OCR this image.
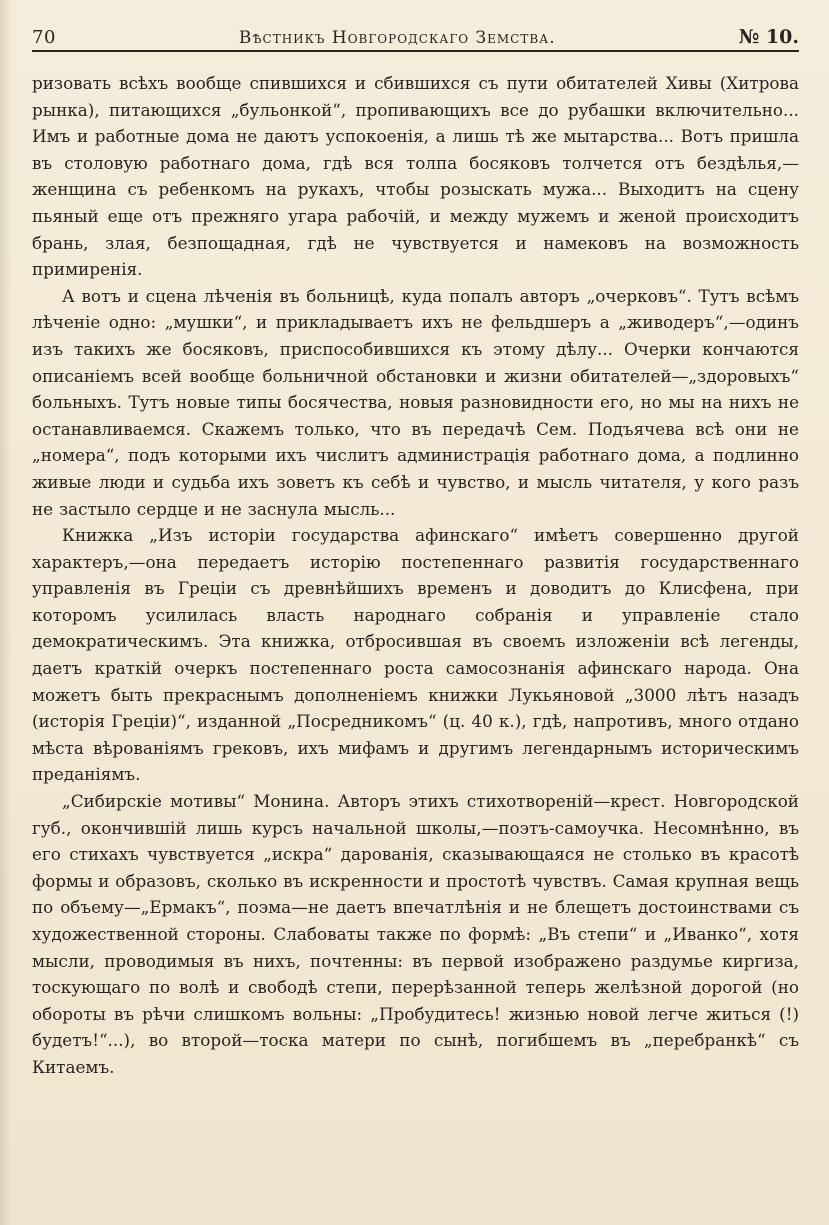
70	Вѣстникъ Новгородскаго Земства.	№ 10.

ризовать всѣхъ вообще спившихся и сбившихся съ пути обитателей Хивы (Хитрова рынка), питающихся „бульонкой“, пропивающихъ все до рубашки включительно... Имъ и работные дома не даютъ успокоенія, а лишь тѣ же мытарства... Вотъ пришла въ столовую работнаго дома, гдѣ вся толпа босяковъ толчется отъ бездѣлья,—женщина съ ребенкомъ на рукахъ, чтобы розыскать мужа... Выходитъ на сцену пьяный еще отъ прежняго угара рабочій, и между мужемъ и женой происходитъ брань, злая, безпощадная, гдѣ не чувствуется и намековъ на возможность примиренія.

А вотъ и сцена лѣченія въ больницѣ, куда попалъ авторъ „очерковъ“. Тутъ всѣмъ лѣченіе одно: „мушки“, и прикладываетъ ихъ не фельдшеръ а „живодеръ“,—одинъ изъ такихъ же босяковъ, приспособившихся къ этому дѣлу... Очерки кончаются описаніемъ всей вообще больничной обстановки и жизни обитателей—„здоровыхъ“ больныхъ. Тутъ новые типы босячества, новыя разновидности его, но мы на нихъ не останавливаемся. Скажемъ только, что въ передачѣ Сем. Подъячева всѣ они не „номера“, подъ которыми ихъ числитъ администрація работнаго дома, а подлинно живые люди и судьба ихъ зоветъ къ себѣ и чувство, и мысль читателя, у кого разъ не застыло сердце и не заснула мысль...

Книжка „Изъ исторіи государства афинскаго“ имѣетъ совершенно другой характеръ,—она передаетъ исторію постепеннаго развитія государственнаго управленія въ Греціи съ древнѣйшихъ временъ и доводитъ до Клисфена, при которомъ усилилась власть народнаго собранія и управленіе стало демократическимъ. Эта книжка, отбросившая въ своемъ изложеніи всѣ легенды, даетъ краткій очеркъ постепеннаго роста самосознанія афинскаго народа. Она можетъ быть прекраснымъ дополненіемъ книжки Лукьяновой „3000 лѣтъ назадъ (исторія Греціи)“, изданной „Посредникомъ“ (ц. 40 к.), гдѣ, напротивъ, много отдано мѣста вѣрованіямъ грековъ, ихъ мифамъ и другимъ легендарнымъ историческимъ преданіямъ.

„Сибирскіе мотивы“ Монина. Авторъ этихъ стихотвореній—крест. Новгородской губ., окончившій лишь курсъ начальной школы,—поэтъ-самоучка. Несомнѣнно, въ его стихахъ чувствуется „искра“ дарованія, сказывающаяся не столько въ красотѣ формы и образовъ, сколько въ искренности и простотѣ чувствъ. Самая крупная вещь по объему—„Ермакъ“, поэма—не даетъ впечатлѣнія и не блещетъ достоинствами съ художественной стороны. Слабоваты также по формѣ: „Въ степи“ и „Иванко“, хотя мысли, проводимыя въ нихъ, почтенны: въ первой изображено раздумье киргиза, тоскующаго по волѣ и свободѣ степи, перерѣзанной теперь желѣзной дорогой (но обороты въ рѣчи слишкомъ вольны: „Пробудитесь! жизнью новой легче житься (!) будетъ!“...), во второй—тоска матери по сынѣ, погибшемъ въ „перебранкѣ“ съ Китаемъ.
